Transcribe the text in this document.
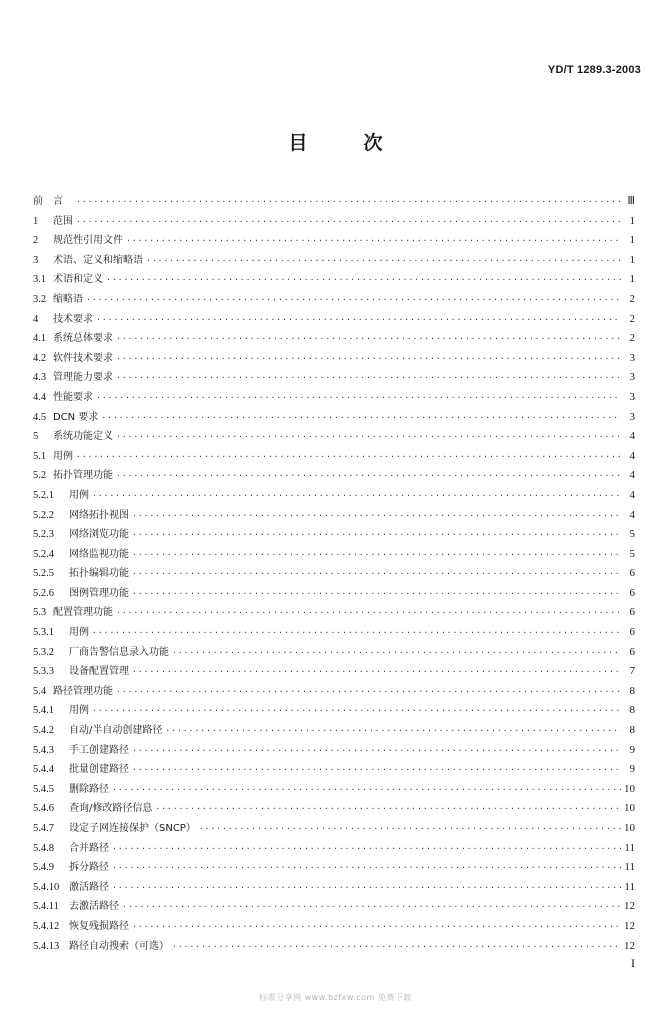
YD/T 1289.3-2003
目次
前言 ·····	Ⅲ
1	范围 ·····	1
2	规范性引用文件 ·····	1
3	术语、定义和缩略语 ·····	1
3.1 术语和定义 ·····	1
3.2 缩略语 ·····	2
4	技术要求 ·····	2
4.1 系统总体要求 ·····	2
4.2 软件技术要求 ·····	3
4.3 管理能力要求 ·····	3
4.4 性能要求 ·····	3
4.5 DCN 要求 ·····	3
5	系统功能定义 ·····	4
5.1 用例 ·····	4
5.2 拓扑管理功能 ·····	4
5.2.1	用例 ·····	4
5.2.2	网络拓扑视图 ·····	4
5.2.3	网络浏览功能 ·····	5
5.2.4	网络监视功能 ·····	5
5.2.5	拓扑编辑功能 ·····	6
5.2.6	图例管理功能 ·····	6
5.3 配置管理功能 ·····	6
5.3.1	用例 ·····	6
5.3.2	厂商告警信息录入功能 ·····	6
5.3.3	设备配置管理 ·····	7
5.4 路径管理功能 ·····	8
5.4.1	用例 ·····	8
5.4.2	自动/半自动创建路径 ·····	8
5.4.3	手工创建路径 ·····	9
5.4.4	批量创建路径 ·····	9
5.4.5	删除路径 ·····	10
5.4.6	查询/修改路径信息 ·····	10
5.4.7	设定子网连接保护（SNCP） ·····	10
5.4.8	合并路径 ·····	11
5.4.9	拆分路径 ·····	11
5.4.10 激活路径 ·····	11
5.4.11	去激活路径 ·····	12
5.4.12 恢复残损路径 ·····	12
5.4.13 路径自动搜索（可选） ·····	12
I
标准分享网 www.bzfxw.com 免费下载
